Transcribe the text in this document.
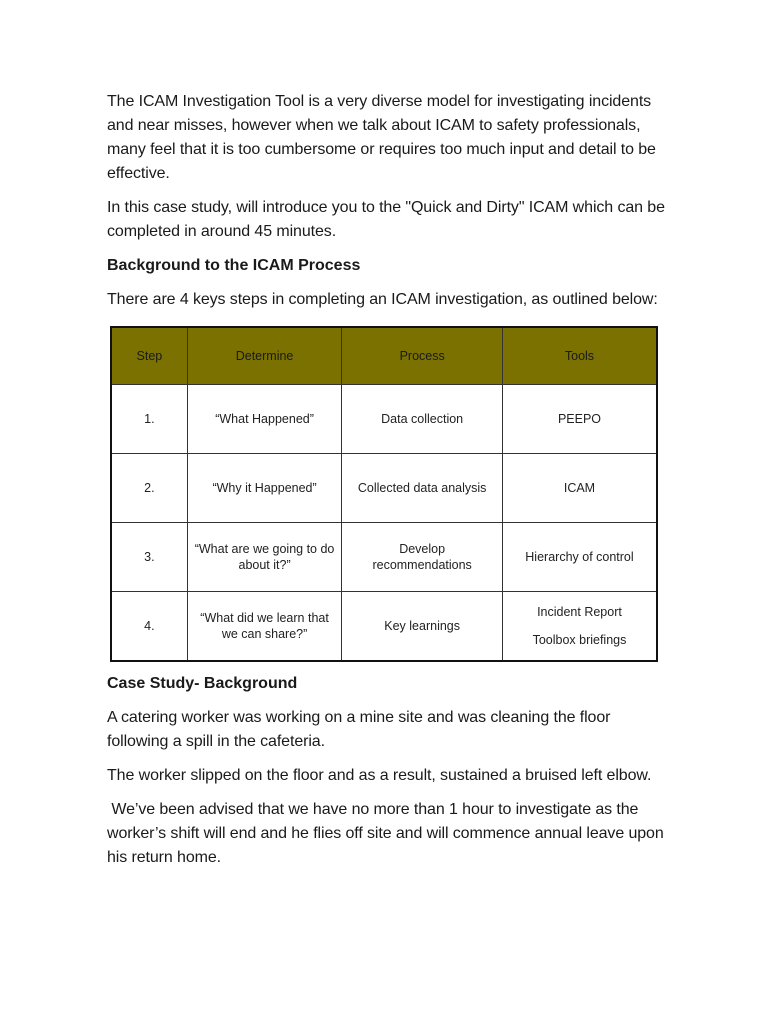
The ICAM Investigation Tool is a very diverse model for investigating incidents and near misses, however when we talk about ICAM to safety professionals, many feel that it is too cumbersome or requires too much input and detail to be effective.

In this case study, will introduce you to the "Quick and Dirty" ICAM which can be completed in around 45 minutes.

Background to the ICAM Process

There are 4 keys steps in completing an ICAM investigation, as outlined below:

Step	Determine	Process	Tools
1.	“What Happened”	Data collection	PEEPO

2.	“Why it Happened”	Collected data analysis	ICAM

3.	“What are we going to do about it?”	Develop recommendations	Hierarchy of control

4.	“What did we learn that we can share?”	Key learnings	Incident Report
Toolbox briefings

Case Study- Background

A catering worker was working on a mine site and was cleaning the floor following a spill in the cafeteria.

The worker slipped on the floor and as a result, sustained a bruised left elbow.

We’ve been advised that we have no more than 1 hour to investigate as the worker’s shift will end and he flies off site and will commence annual leave upon his return home.
